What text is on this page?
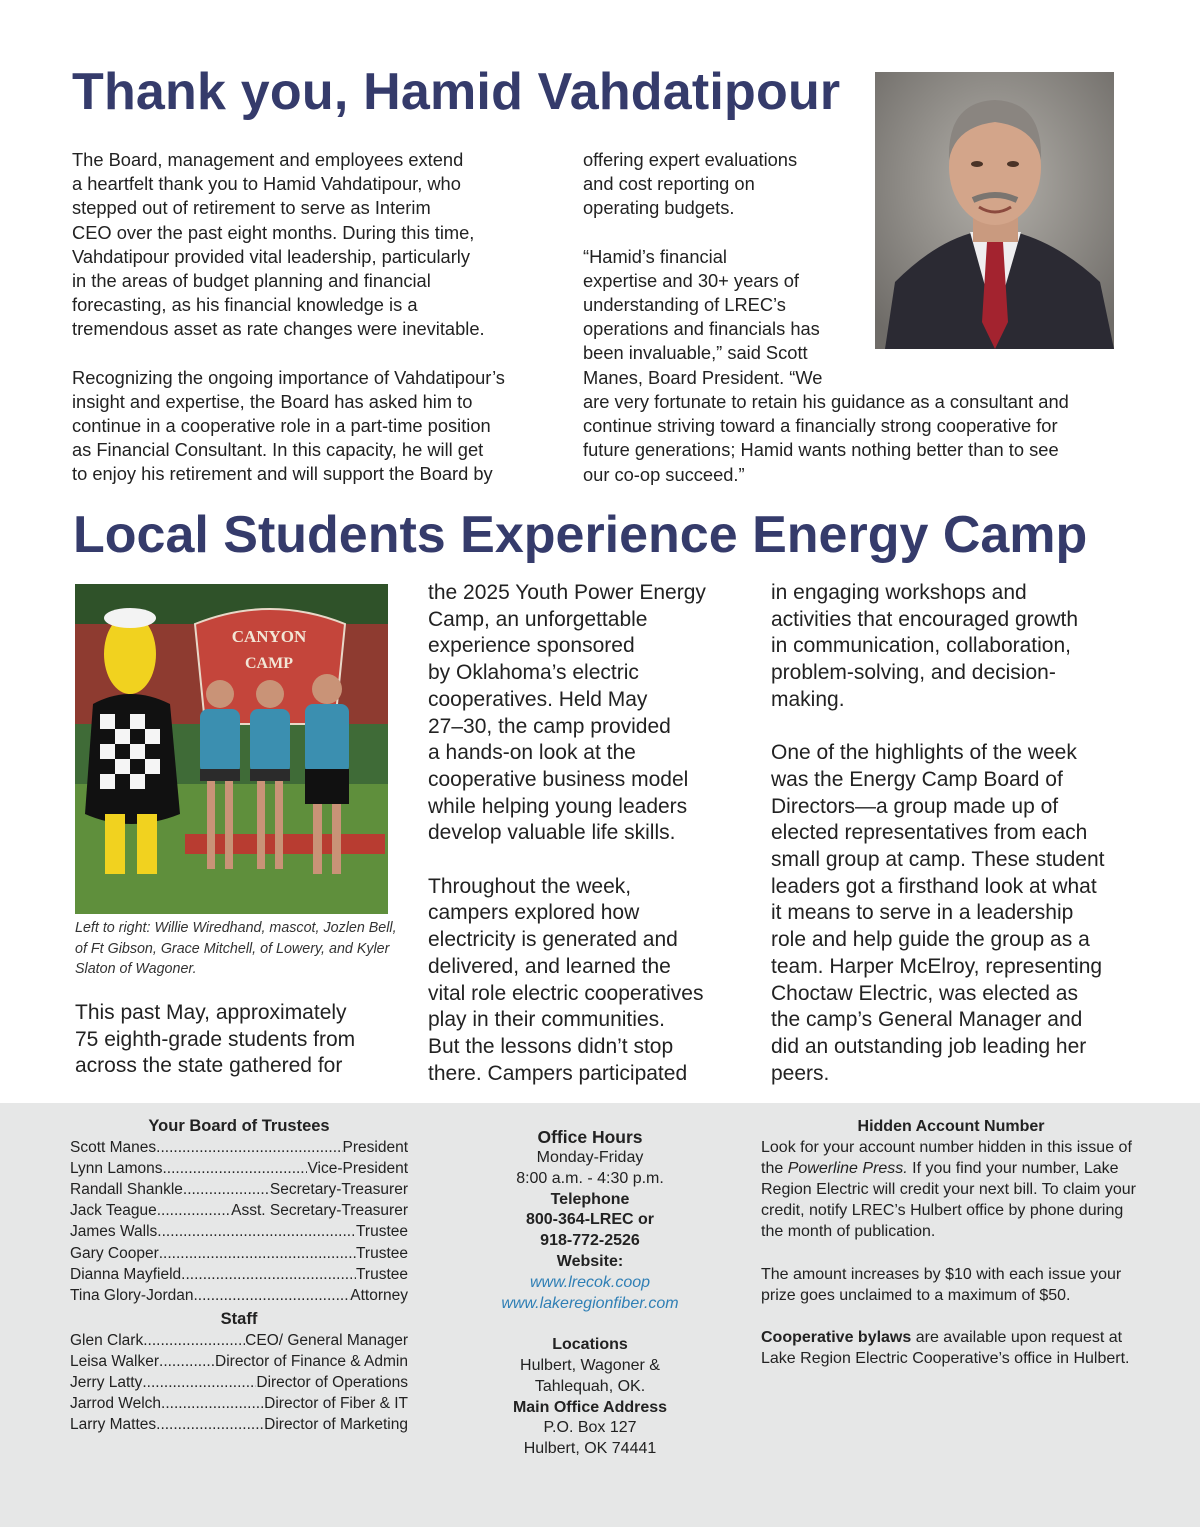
Thank you, Hamid Vahdatipour

The Board, management and employees extend
a heartfelt thank you to Hamid Vahdatipour, who
stepped out of retirement to serve as Interim
CEO over the past eight months. During this time,
Vahdatipour provided vital leadership, particularly
in the areas of budget planning and financial
forecasting, as his financial knowledge is a
tremendous asset as rate changes were inevitable.

Recognizing the ongoing importance of Vahdatipour’s
insight and expertise, the Board has asked him to
continue in a cooperative role in a part-time position
as Financial Consultant. In this capacity, he will get
to enjoy his retirement and will support the Board by

offering expert evaluations
and cost reporting on
operating budgets.

“Hamid’s financial
expertise and 30+ years of
understanding of LREC’s
operations and financials has
been invaluable,” said Scott
Manes, Board President. “We

are very fortunate to retain his guidance as a consultant and
continue striving toward a financially strong cooperative for
future generations; Hamid wants nothing better than to see
our co-op succeed.”

Local Students Experience Energy Camp
CANYON
CAMP
Left to right: Willie Wiredhand, mascot, Jozlen Bell,
of Ft Gibson, Grace Mitchell, of Lowery, and Kyler
Slaton of Wagoner.

This past May, approximately
75 eighth-grade students from
across the state gathered for

the 2025 Youth Power Energy
Camp, an unforgettable
experience sponsored
by Oklahoma’s electric
cooperatives. Held May
27–30, the camp provided
a hands-on look at the
cooperative business model
while helping young leaders
develop valuable life skills.

Throughout the week,
campers explored how
electricity is generated and
delivered, and learned the
vital role electric cooperatives
play in their communities.
But the lessons didn’t stop
there. Campers participated

in engaging workshops and
activities that encouraged growth
in communication, collaboration,
problem-solving, and decision-
making.

One of the highlights of the week
was the Energy Camp Board of
Directors—a group made up of
elected representatives from each
small group at camp. These student
leaders got a firsthand look at what
it means to serve in a leadership
role and help guide the group as a
team. Harper McElroy, representing
Choctaw Electric, was elected as
the camp’s General Manager and
did an outstanding job leading her
peers.

Your Board of Trustees
Scott Manes .....	President
Lynn Lamons .....	Vice-President
Randall Shankle .....	Secretary-Treasurer
Jack Teague .....	Asst. Secretary-Treasurer
James Walls .....	Trustee
Gary Cooper .....	Trustee
Dianna Mayfield .....	Trustee
Tina Glory-Jordan .....	Attorney
Staff
Glen Clark .....	CEO/ General Manager
Leisa Walker .....	Director of Finance & Admin
Jerry Latty .....	Director of Operations
Jarrod Welch .....	Director of Fiber & IT
Larry Mattes .....	Director of Marketing
Office Hours
Monday-Friday
8:00 a.m. - 4:30 p.m.
Telephone
800-364-LREC or
918-772-2526
Website:
www.lrecok.coop
www.lakeregionfiber.com
Locations
Hulbert, Wagoner &
Tahlequah, OK.
Main Office Address
P.O. Box 127
Hulbert, OK 74441
Hidden Account Number
Look for your account number hidden in this issue of the Powerline Press. If you find your number, Lake Region Electric will credit your next bill. To claim your credit, notify LREC’s Hulbert office by phone during the month of publication.
The amount increases by $10 with each issue your prize goes unclaimed to a maximum of $50.
Cooperative bylaws are available upon request at Lake Region Electric Cooperative’s office in Hulbert.
